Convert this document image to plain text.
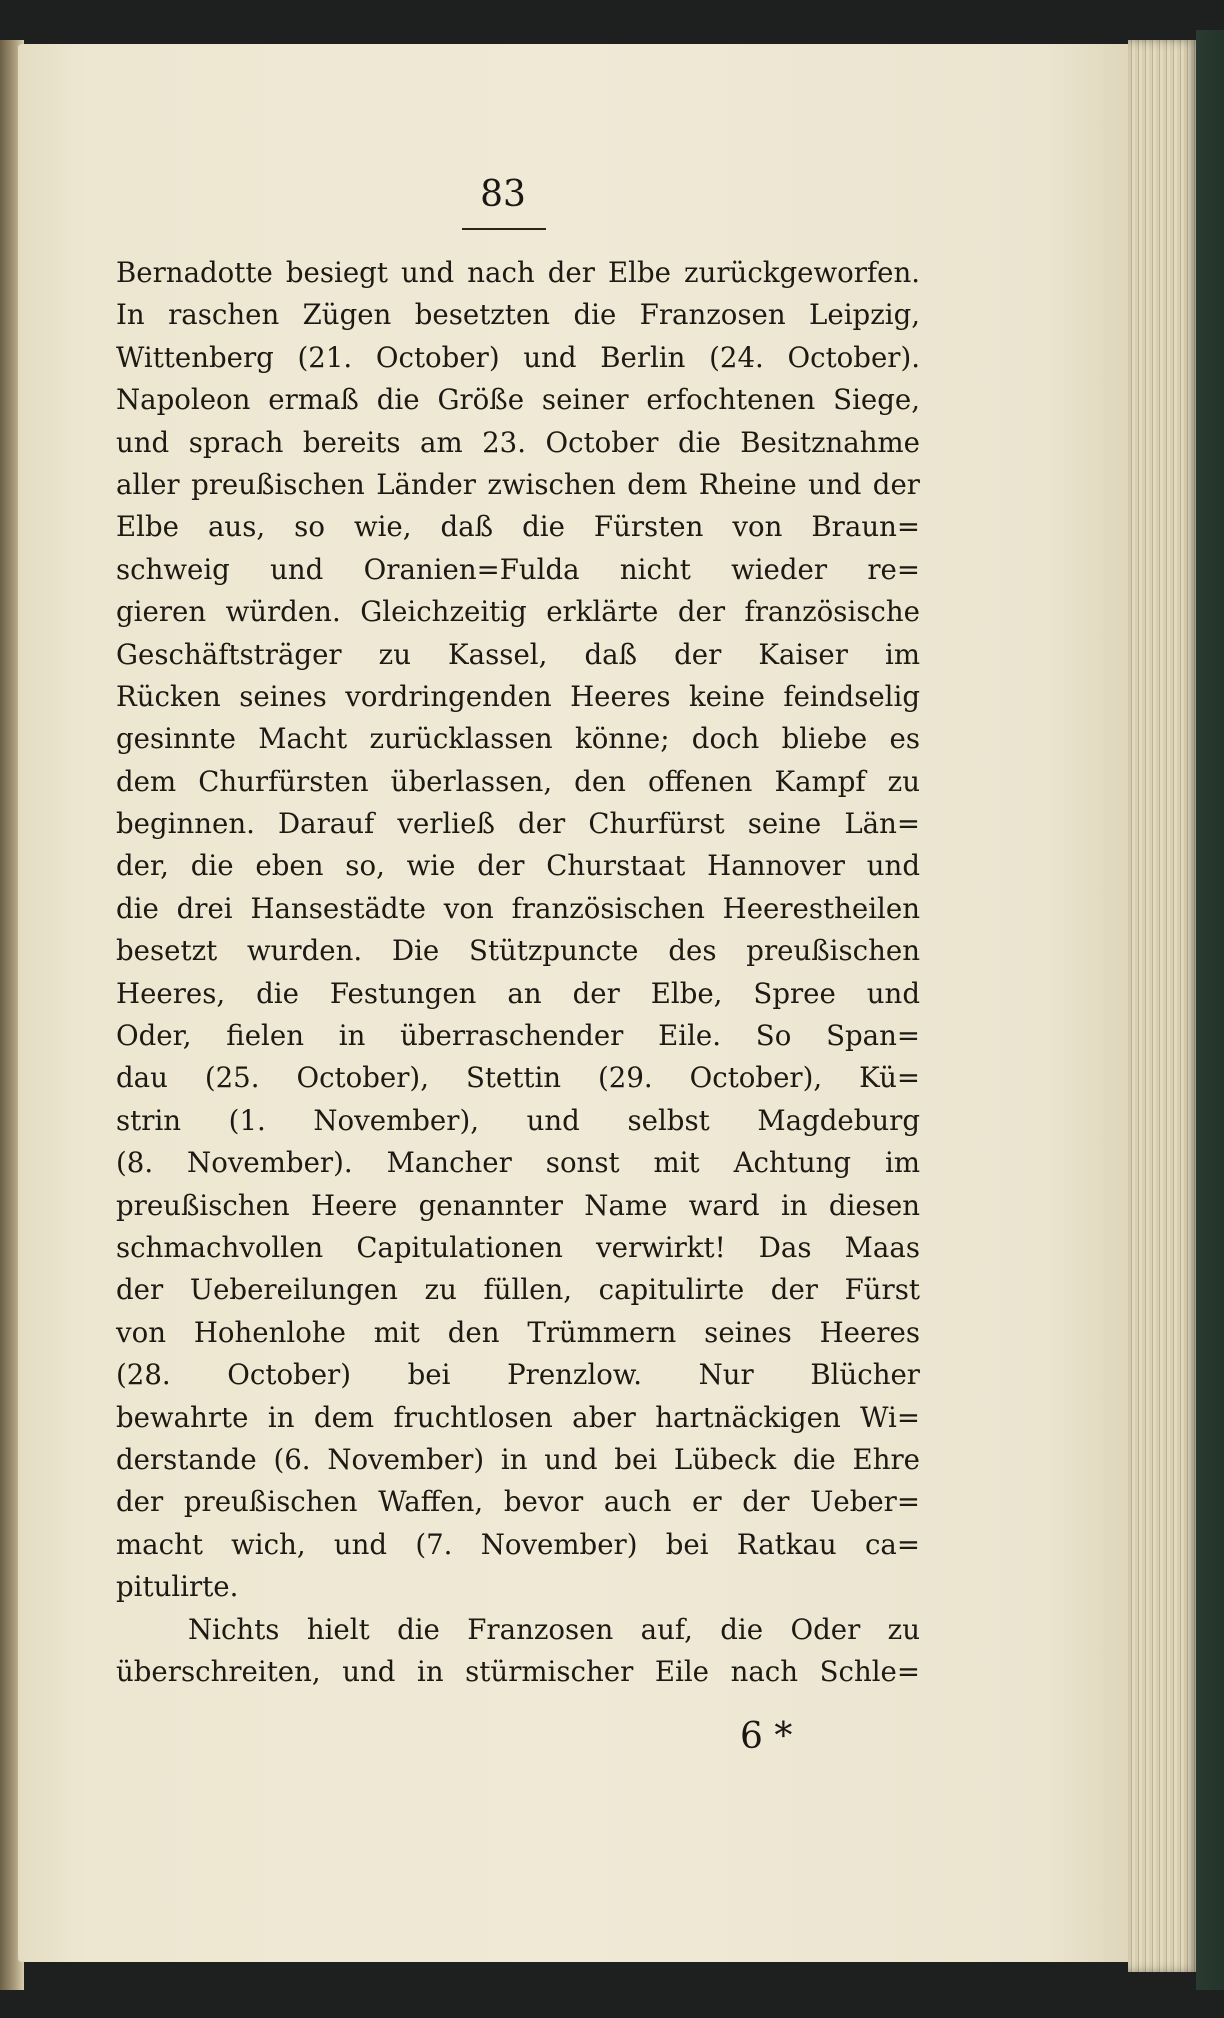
83
Bernadotte besiegt und nach der Elbe zurückgeworfen.
In raschen Zügen besetzten die Franzosen Leipzig,
Wittenberg (21. October) und Berlin (24. October).
Napoleon ermaß die Größe seiner erfochtenen Siege,
und sprach bereits am 23. October die Besitznahme
aller preußischen Länder zwischen dem Rheine und der
Elbe aus, so wie, daß die Fürsten von Braun=
schweig und Oranien=Fulda nicht wieder re=
gieren würden. Gleichzeitig erklärte der französische
Geschäftsträger zu Kassel, daß der Kaiser im
Rücken seines vordringenden Heeres keine feindselig
gesinnte Macht zurücklassen könne; doch bliebe es
dem Churfürsten überlassen, den offenen Kampf zu
beginnen. Darauf verließ der Churfürst seine Län=
der, die eben so, wie der Churstaat Hannover und
die drei Hansestädte von französischen Heerestheilen
besetzt wurden. Die Stützpuncte des preußischen
Heeres, die Festungen an der Elbe, Spree und
Oder, fielen in überraschender Eile. So Span=
dau (25. October), Stettin (29. October), Kü=
strin (1. November), und selbst Magdeburg
(8. November). Mancher sonst mit Achtung im
preußischen Heere genannter Name ward in diesen
schmachvollen Capitulationen verwirkt! Das Maas
der Uebereilungen zu füllen, capitulirte der Fürst
von Hohenlohe mit den Trümmern seines Heeres
(28. October) bei Prenzlow. Nur Blücher
bewahrte in dem fruchtlosen aber hartnäckigen Wi=
derstande (6. November) in und bei Lübeck die Ehre
der preußischen Waffen, bevor auch er der Ueber=
macht wich, und (7. November) bei Ratkau ca=
pitulirte.
Nichts hielt die Franzosen auf, die Oder zu
überschreiten, und in stürmischer Eile nach Schle=
6 *
